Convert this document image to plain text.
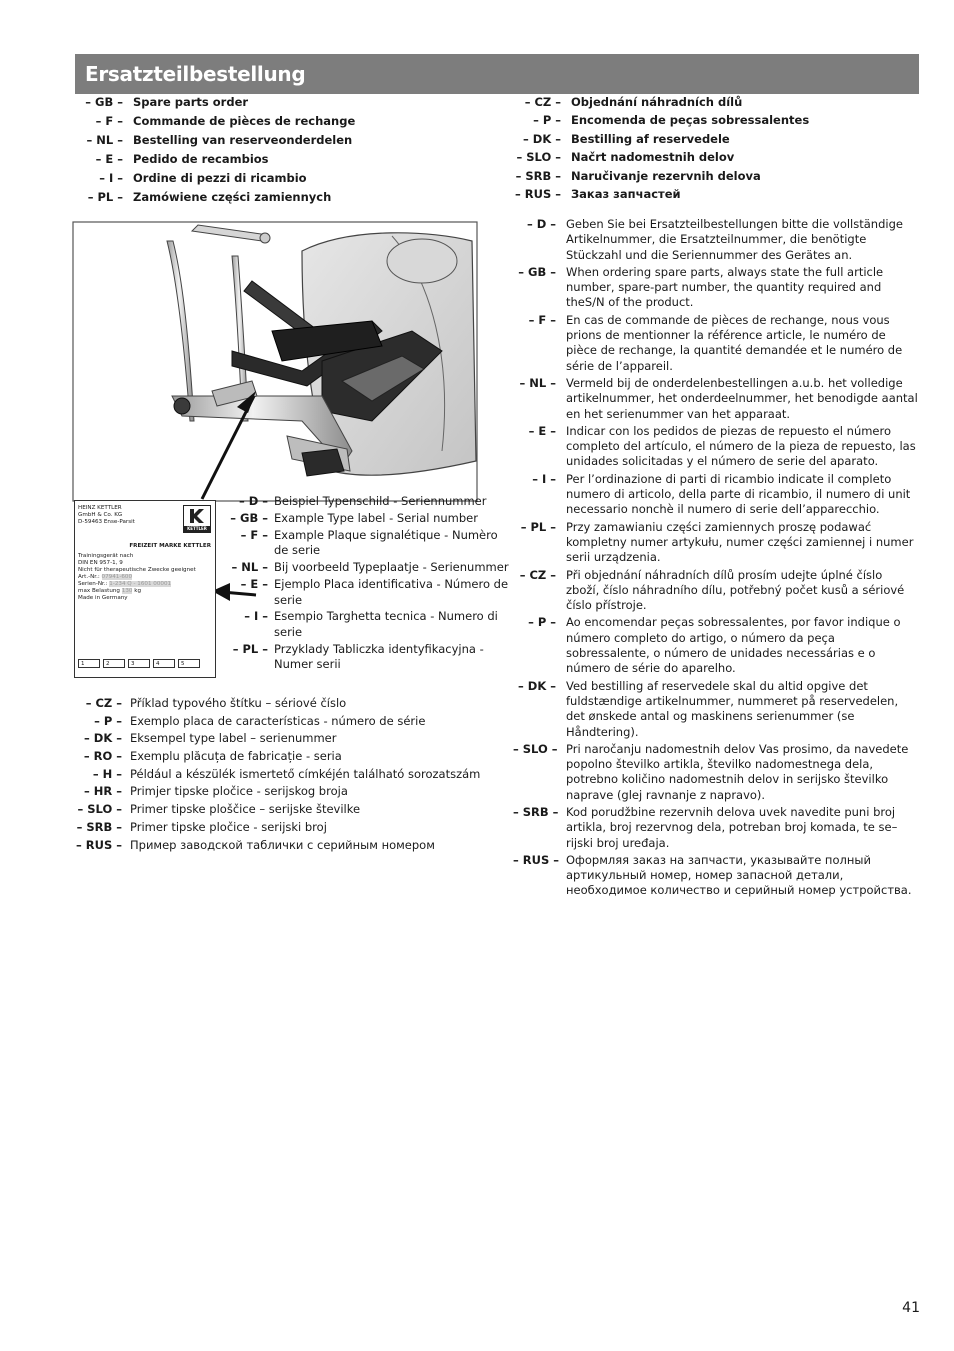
Ersatzteilbestellung
– GB – Spare parts order
– F – Commande de pièces de rechange
– NL – Bestelling van reserveonderdelen
– E – Pedido de recambios
– I – Ordine di pezzi di ricambio
– PL – Zamówiene części zamiennych
– CZ – Objednání náhradních dílů
– P – Encomenda de peças sobressalentes
– DK – Bestilling af reservedele
– SLO – Načrt nadomestnih delov
– SRB – Naručivanje rezervnih delova
– RUS – Заказ запчастей
HEINZ KETTLER
GmbH & Co. KG
D-59463 Ense-Parsit
KETTLER
FREIZEIT MARKE KETTLER
Trainingsgerät nach
DIN EN 957-1, 9
Nicht für therapeutische Zwecke geeignet
Art.-Nr.: 07941-600
Serien-Nr.: 1-234 Q - 1601 00001
max Belastung 130 kg
Made in Germany
1	2	3	4	5
– D – Beispiel Typenschild - Seriennummer
– GB – Example Type label - Serial number
– F – Example Plaque signalétique - Numèro de serie
– NL – Bij voorbeeld Typeplaatje - Serienummer
– E – Ejemplo Placa identificativa - Número de serie
– I – Esempio Targhetta tecnica - Numero di serie
– PL – Przyklady Tabliczka identyfikacyjna - Numer serii
– CZ – Příklad typového štítku – sériové číslo
– P – Exemplo placa de características - número de série
– DK – Eksempel type label – serienummer
– RO – Exemplu plăcuța de fabricație - seria
– H – Például a készülék ismertető címkéjén található sorozatszám
– HR – Primjer tipske pločice - serijskog broja
– SLO – Primer tipske ploščice – serijske številke
– SRB – Primer tipske pločice - serijski broj
– RUS – Пример заводской таблички с серийным номером
– D – Geben Sie bei Ersatzteilbestellungen bitte die vollständige Artikelnummer, die Ersatzteilnummer, die benötigte Stückzahl und die Seriennummer des Gerätes an.
– GB – When ordering spare parts, always state the full article number, spare-part number, the quantity required and theS/N of the product.
– F – En cas de commande de pièces de rechange, nous vous prions de mentionner la référence article, le numéro de pièce de rechange, la quantité demandée et le numéro de série de l’appareil.
– NL – Vermeld bij de onderdelenbestellingen a.u.b. het volledige artikelnummer, het onderdeelnummer, het benodigde aantal en het serienummer van het apparaat.
– E – Indicar con los pedidos de piezas de repuesto el número completo del artículo, el número de la pieza de repuesto, las unidades solicitadas y el número de serie del aparato.
– I – Per l’ordinazione di parti di ricambio indicate il completo numero di articolo, della parte di ricambio, il numero di unit necessario nonchè il numero di serie dell’apparecchio.
– PL – Przy zamawianiu części zamiennych proszę podawać kompletny numer artykułu, numer części zamiennej i numer serii urządzenia.
– CZ – Při objednání náhradních dílů prosím udejte úplné číslo zboží, číslo náhradního dílu, potřebný počet kusů a sériové číslo přístroje.
– P – Ao encomendar peças sobressalentes, por favor indique o número completo do artigo, o número da peça sobressalente, o número de unidades necessárias e o número de série do aparelho.
– DK – Ved bestilling af reservedele skal du altid opgive det fuldstændige artikelnummer, nummeret på reservedelen, det ønskede antal og maskinens serienummer (se Håndtering).
– SLO – Pri naročanju nadomestnih delov Vas prosimo, da navedete popolno številko artikla, številko nadomestnega dela, potrebno količino nadomestnih delov in serijsko številko naprave (glej ravnanje z napravo).
– SRB – Kod porudžbine rezervnih delova uvek navedite puni broj artikla, broj rezervnog dela, potreban broj komada, te se– rijski broj uređaja.
– RUS – Оформляя заказ на запчасти, указывайте полный артикульный номер, номер запасной детали, необходимое количество и серийный номер устройства.
41
